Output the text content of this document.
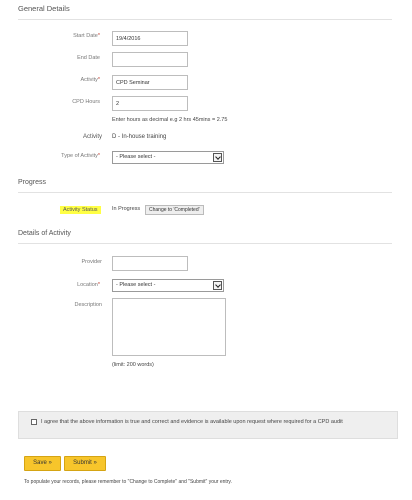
General Details
Start Date*	19/4/2016
End Date
Activity*	CPD Seminar
CPD Hours	2
Enter hours as decimal e.g 2 hrs 45mins = 2.75
Activity D - In-house training
Type of Activity*	- Please select -
Progress
Activity Status	In Progress	Change to 'Completed'
Details of Activity
Provider
Location*	- Please select -
Description
(limit: 200 words)
I agree that the above information is true and correct and evidence is available upon request where required for a CPD audit
Save »	Submit »
To populate your records, please remember to "Change to Complete" and "Submit" your entry.
